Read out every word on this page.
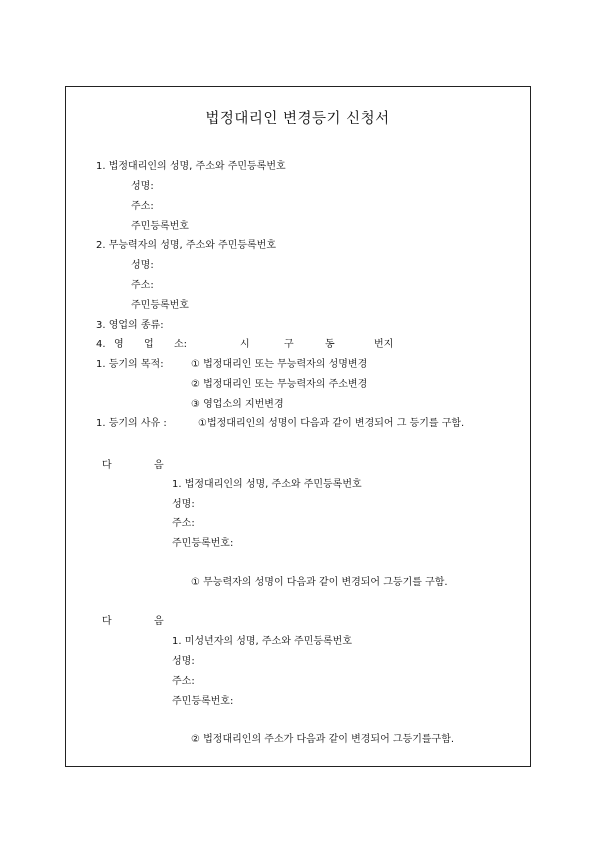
법정대리인 변경등기 신청서
1. 법정대리인의 성명, 주소와 주민등록번호
성명:
주소:
주민등록번호
2. 무능력자의 성명, 주소와 주민등록번호
성명:
주소:
주민등록번호
3. 영업의 종류:
4. 영 업 소:	시	구	동	번지
1. 등기의 목적:	① 법정대리인 또는 무능력자의 성명변경
② 법정대리인 또는 무능력자의 주소변경
③ 영업소의 지번변경
1. 등기의 사유 :	①법정대리인의 성명이 다음과 같이 변경되어 그 등기를 구함.
다	음
1. 법정대리인의 성명, 주소와 주민등록번호
성명:
주소:
주민등록번호:
① 무능력자의 성명이 다음과 같이 변경되어 그등기를 구함.
다	음
1. 미성년자의 성명, 주소와 주민등록번호
성명:
주소:
주민등록번호:
② 법정대리인의 주소가 다음과 같이 변경되어 그등기를구함.
